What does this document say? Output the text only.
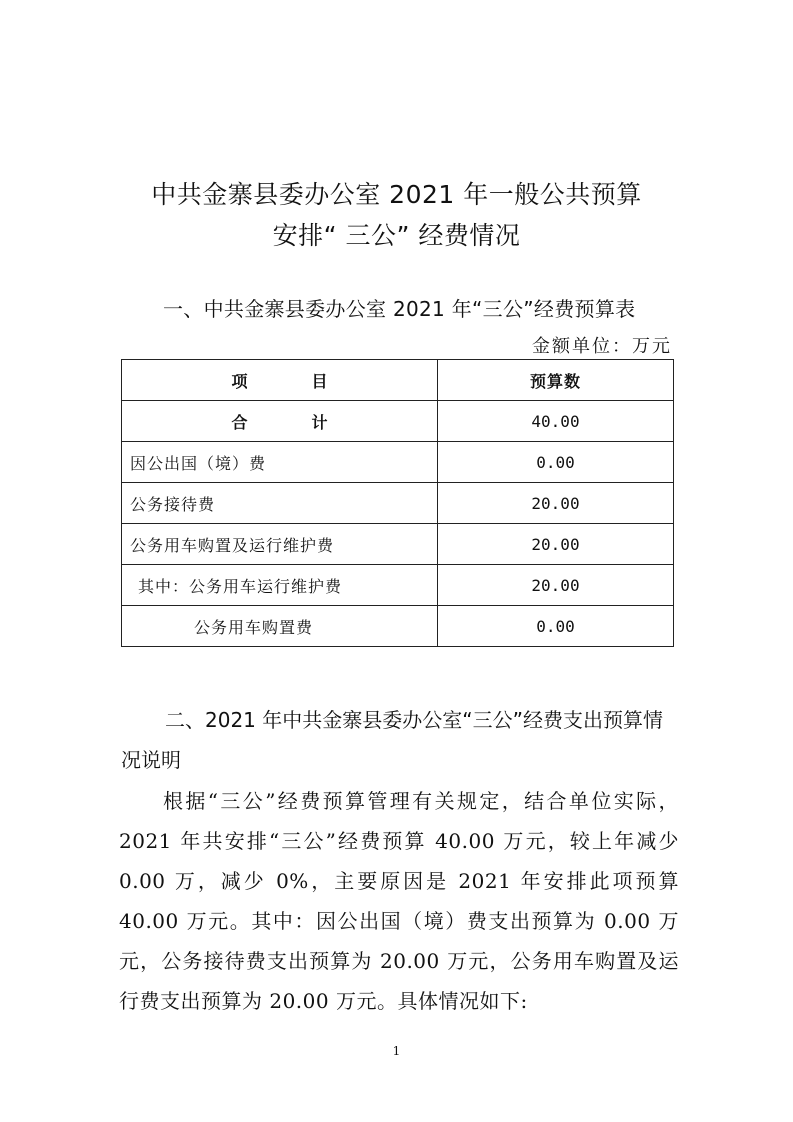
中共金寨县委办公室 2021 年一般公共预算
安排“ 三公” 经费情况
一、中共金寨县委办公室 2021 年“三公”经费预算表
金额单位：万元
项　目	预算数
合　计	40.00
因公出国（境）费	0.00
公务接待费	20.00
公务用车购置及运行维护费	20.00
其中：公务用车运行维护费	20.00
公务用车购置费	0.00
二、2021 年中共金寨县委办公室“三公”经费支出预算情况说明
根据“三公”经费预算管理有关规定，结合单位实际，2021 年共安排“三公”经费预算 40.00 万元，较上年减少 0.00 万，减少 0%，主要原因是 2021 年安排此项预算 40.00 万元。其中：因公出国（境）费支出预算为 0.00 万元，公务接待费支出预算为 20.00 万元，公务用车购置及运行费支出预算为 20.00 万元。具体情况如下:
1
